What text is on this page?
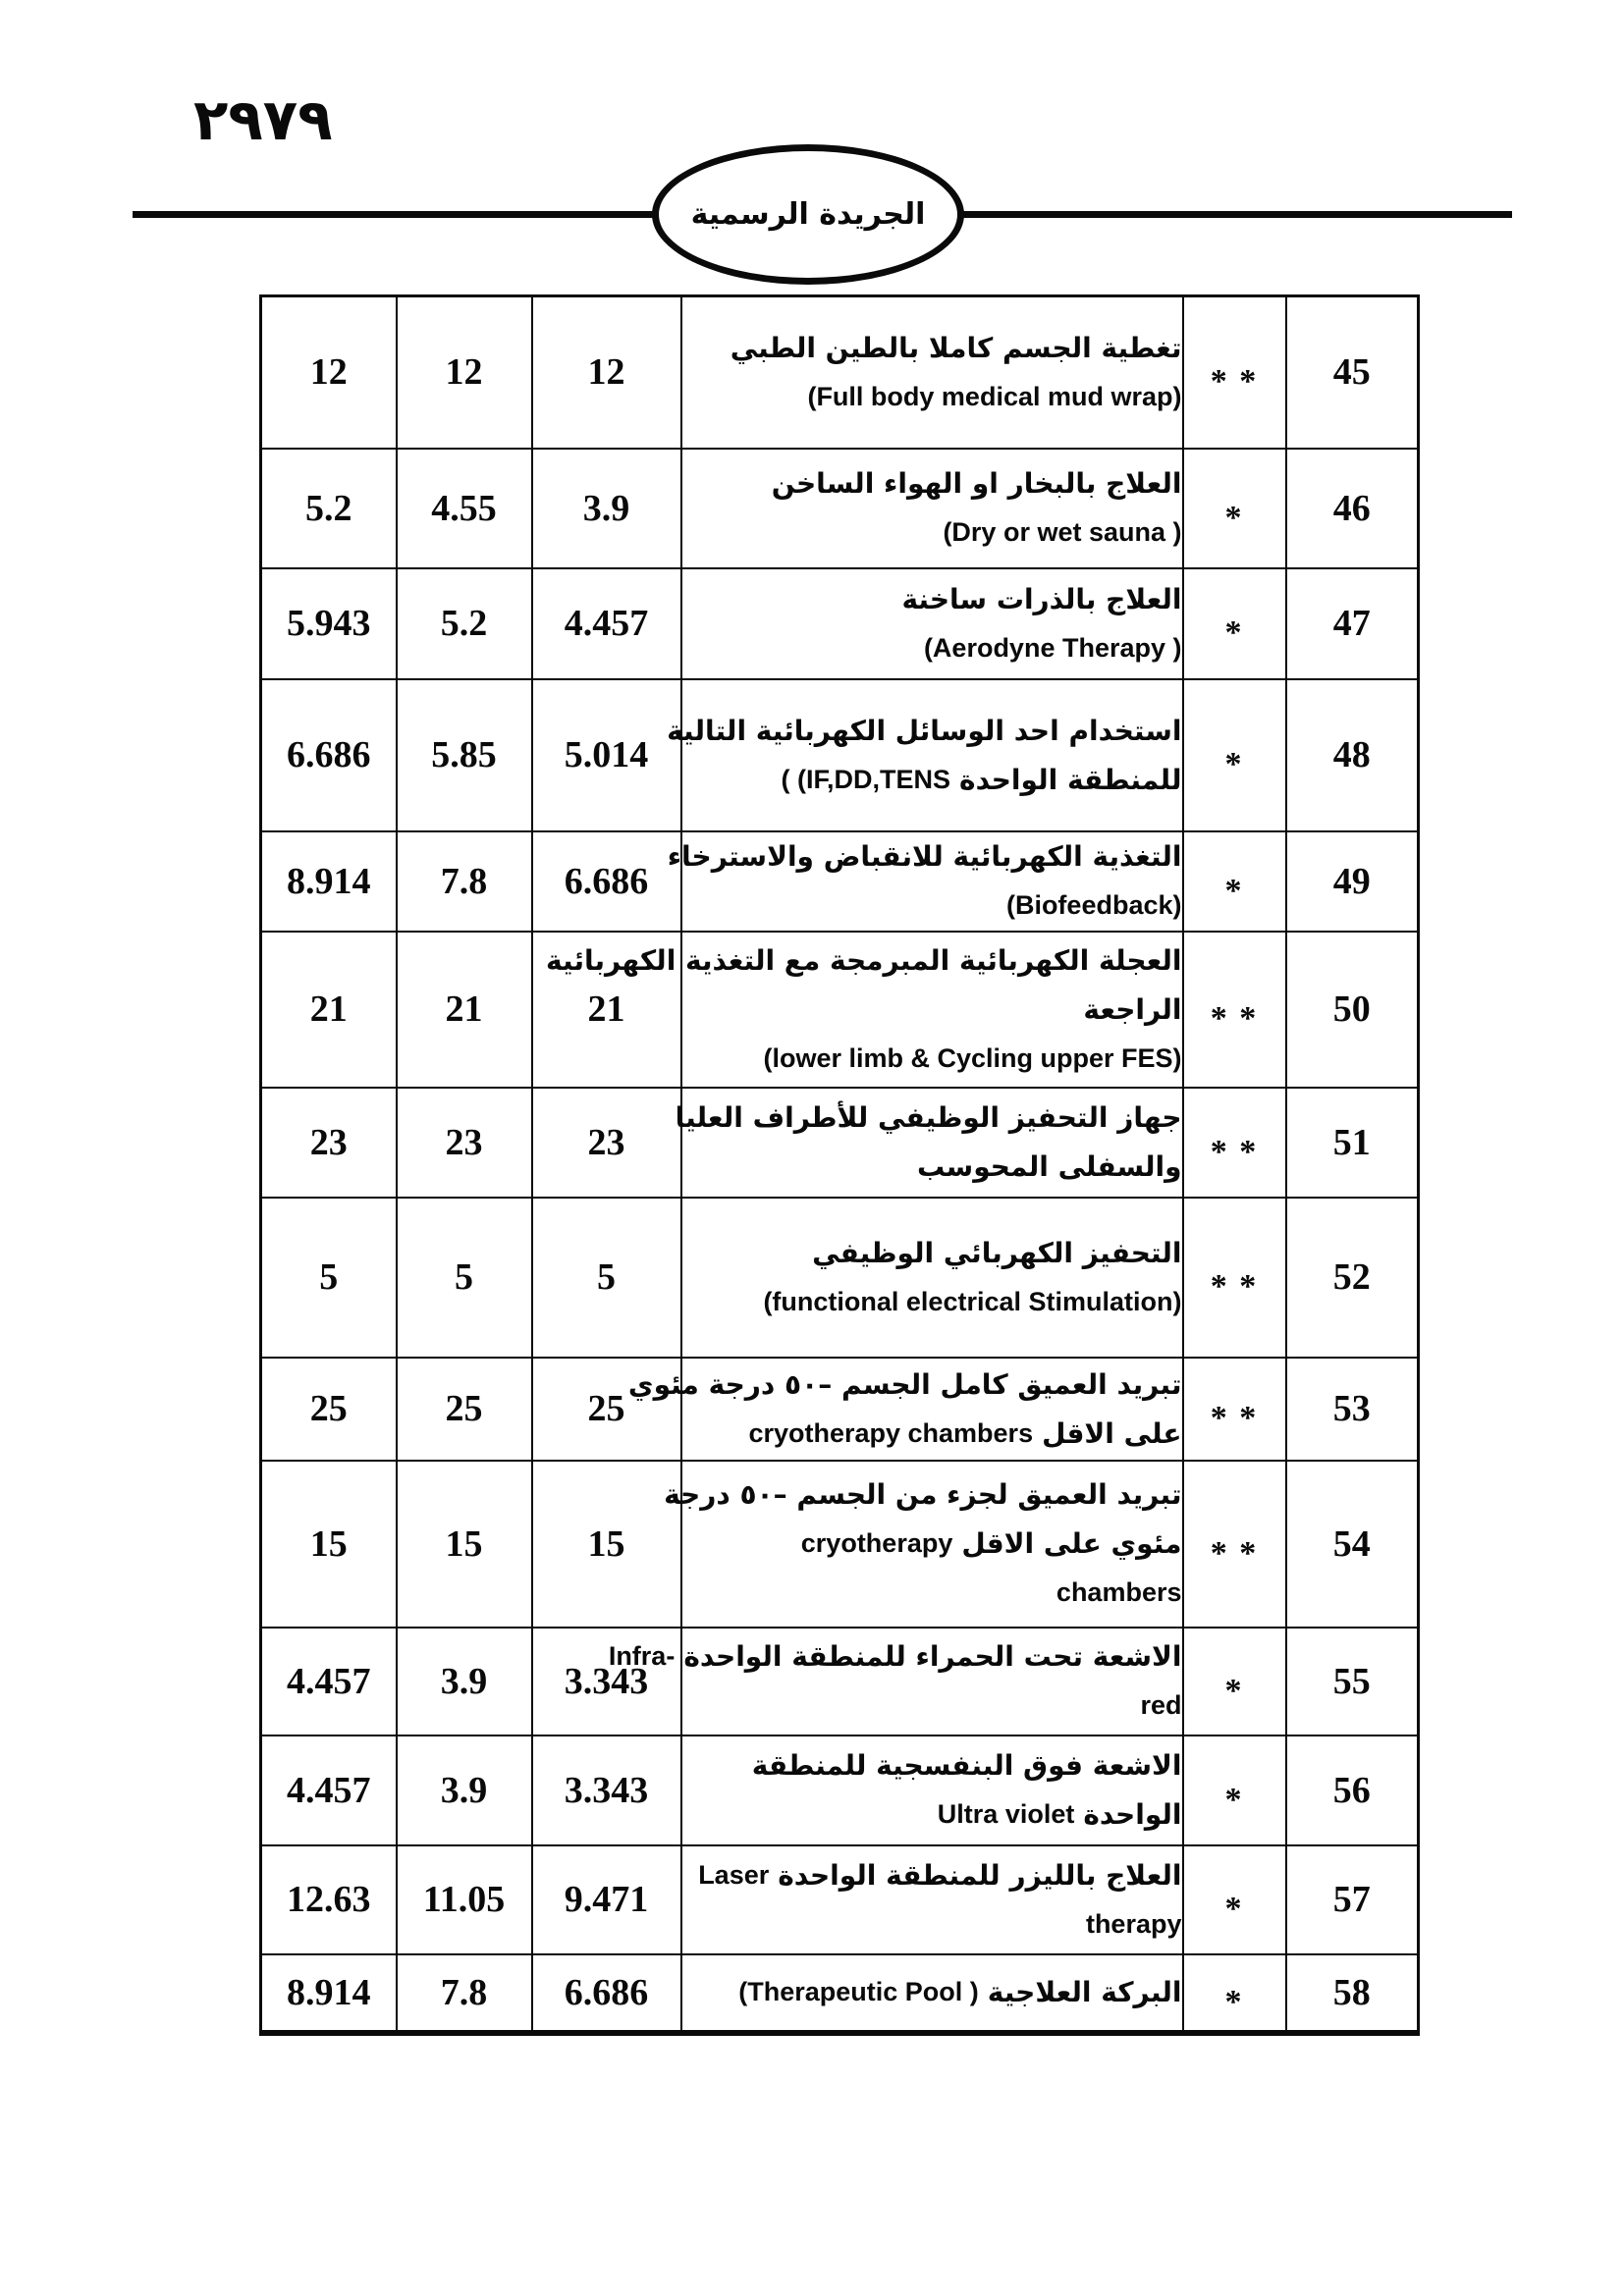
٢٩٧٩
الجريدة الرسمية
12	12	12	تغطية الجسم كاملا بالطين الطبي
(Full body medical mud wrap)	* *	45
5.2	4.55	3.9	العلاج بالبخار او الهواء الساخن
(Dry or wet sauna )	*	46
5.943	5.2	4.457	العلاج بالذرات ساخنة
(Aerodyne Therapy )	*	47
6.686	5.85	5.014	استخدام احد الوسائل الكهربائية التالية
للمنطقة الواحدة
( (IF,DD,TENS	*	48
8.914	7.8	6.686	التغذية الكهربائية للانقباض والاسترخاء
(Biofeedback)	*	49
21	21	21	العجلة الكهربائية المبرمجة مع التغذية الكهربائية
الراجعة
(lower limb & Cycling upper FES)	* *	50
23	23	23	جهاز التحفيز الوظيفي للأطراف العليا
والسفلى المحوسب	* *	51
5	5	5	التحفيز الكهربائي الوظيفي
(functional electrical Stimulation)	* *	52
25	25	25	تبريد العميق كامل الجسم –٥٠ درجة مئوي
على الاقل
cryotherapy chambers	* *	53
15	15	15	تبريد العميق لجزء من الجسم –٥٠ درجة
مئوي على الاقل
cryotherapy
chambers	* *	54
4.457	3.9	3.343	الاشعة تحت الحمراء للمنطقة الواحدة
Infra-
red	*	55
4.457	3.9	3.343	الاشعة فوق البنفسجية للمنطقة
الواحدة
Ultra violet	*	56
12.63	11.05	9.471	العلاج بالليزر للمنطقة الواحدة
Laser
therapy	*	57
8.914	7.8	6.686	البركة العلاجية
(Therapeutic Pool )	*	58
